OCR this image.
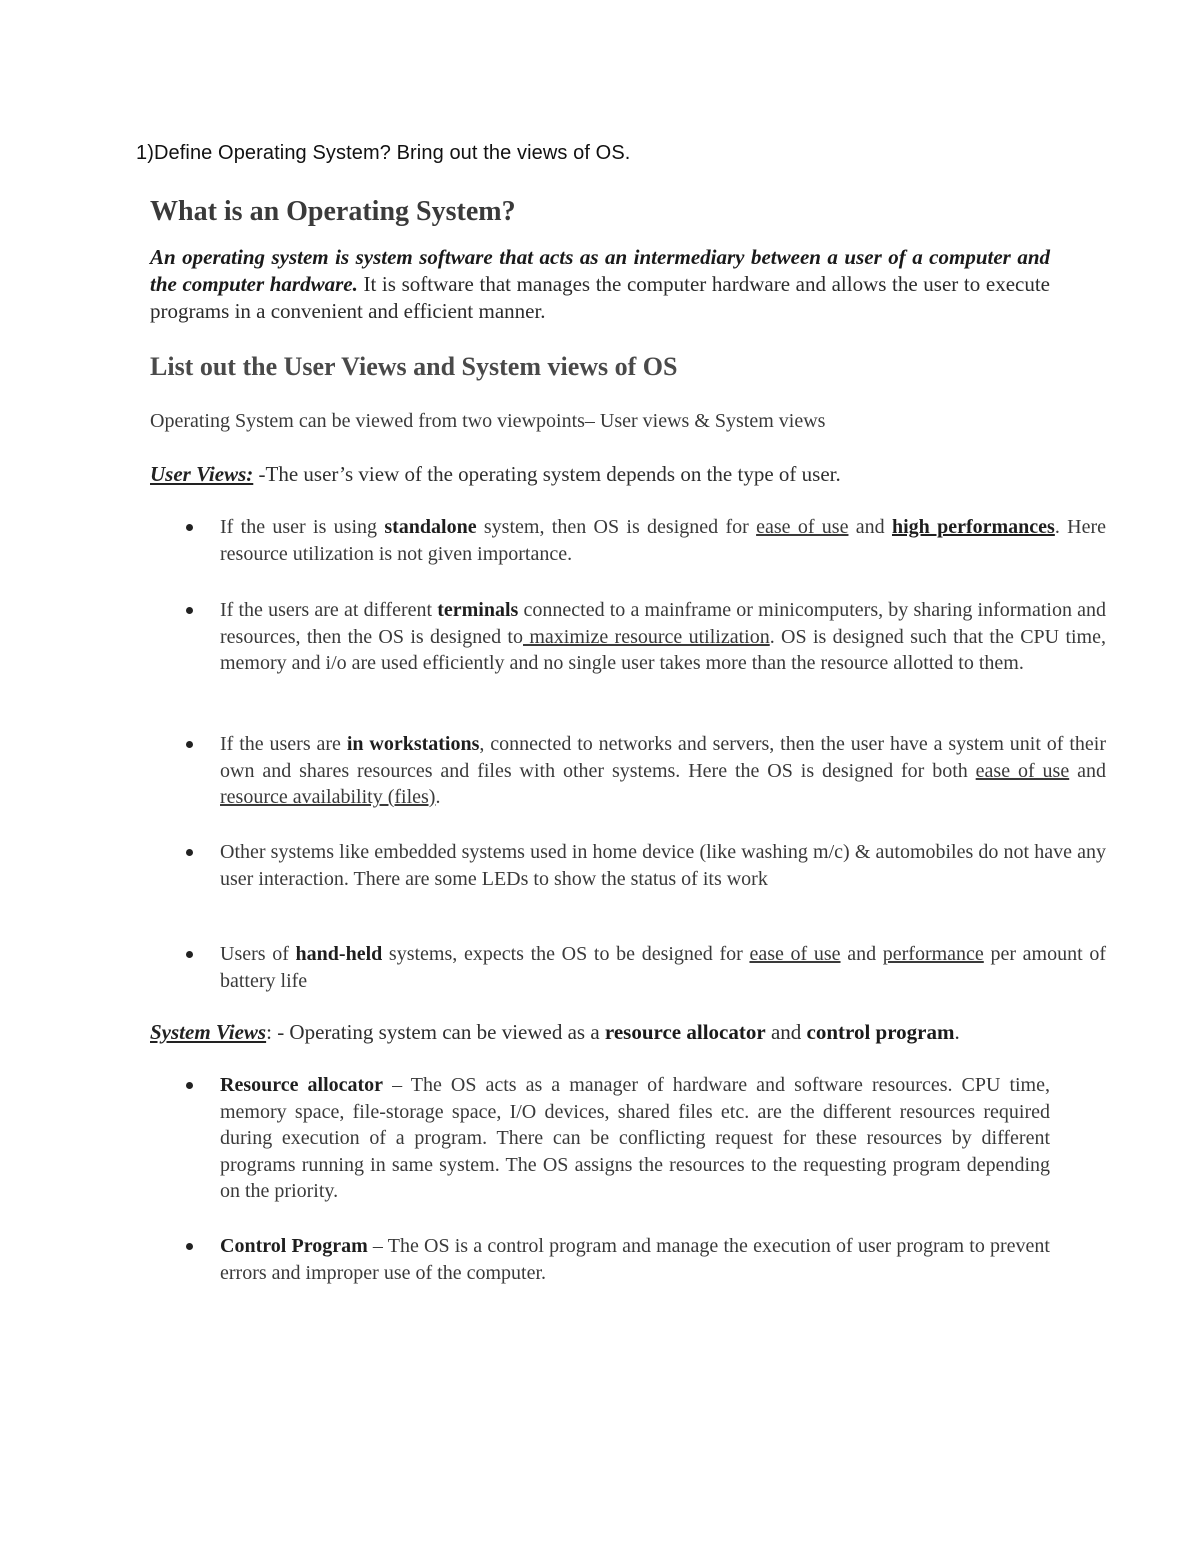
1)Define Operating System? Bring out the views of OS.
What is an Operating System?
An operating system is system software that acts as an intermediary between a user of a computer and the computer hardware. It is software that manages the computer hardware and allows the user to execute programs in a convenient and efficient manner.
List out the User Views and System views of OS
Operating System can be viewed from two viewpoints– User views & System views
User Views: -The user’s view of the operating system depends on the type of user.
If the user is using standalone system, then OS is designed for ease of use and high performances. Here resource utilization is not given importance.
If the users are at different terminals connected to a mainframe or minicomputers, by sharing information and resources, then the OS is designed to maximize resource utilization. OS is designed such that the CPU time, memory and i/o are used efficiently and no single user takes more than the resource allotted to them.
If the users are in workstations, connected to networks and servers, then the user have a system unit of their own and shares resources and files with other systems. Here the OS is designed for both ease of use and resource availability (files).
Other systems like embedded systems used in home device (like washing m/c) & automobiles do not have any user interaction. There are some LEDs to show the status of its work
Users of hand-held systems, expects the OS to be designed for ease of use and performance per amount of battery life
System Views: - Operating system can be viewed as a resource allocator and control program.
Resource allocator – The OS acts as a manager of hardware and software resources. CPU time, memory space, file-storage space, I/O devices, shared files etc. are the different resources required during execution of a program. There can be conflicting request for these resources by different programs running in same system. The OS assigns the resources to the requesting program depending on the priority.
Control Program – The OS is a control program and manage the execution of user program to prevent errors and improper use of the computer.
